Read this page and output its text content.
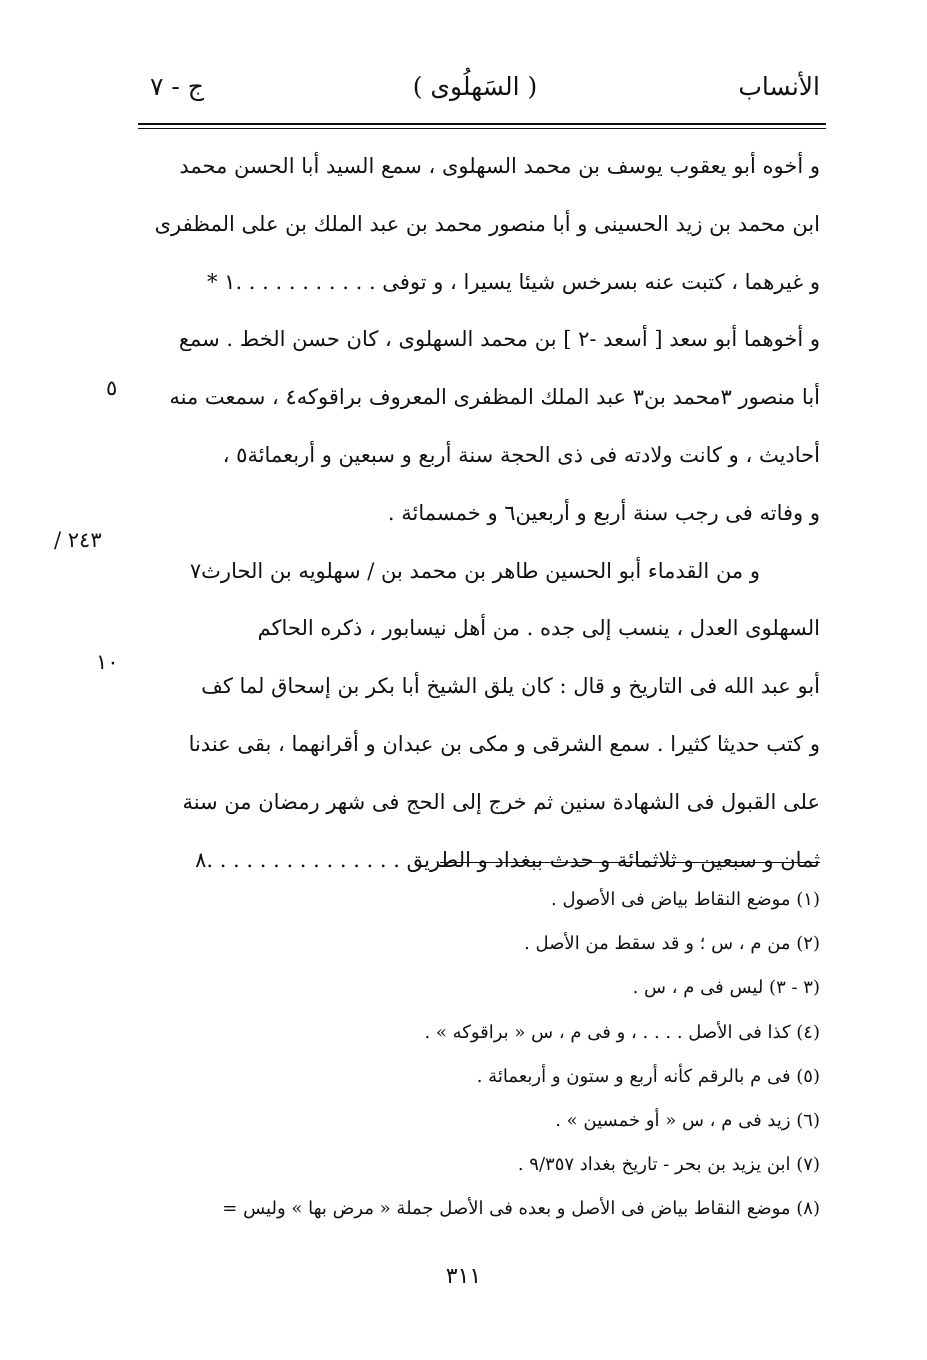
الأنساب
( السَهلُوى )
ج - ٧
و أخوه أبو يعقوب يوسف بن محمد السهلوى ، سمع السيد أبا الحسن محمد
ابن محمد بن زيد الحسينى و أبا منصور محمد بن عبد الملك بن على المظفرى
و غيرهما ، كتبت عنه بسرخس شيئا يسيرا ، و توفى . . . . . . . . . . .١ *
و أخوهما أبو سعد [ أسعد -٢ ] بن محمد السهلوى ، كان حسن الخط . سمع
أبا منصور ٣محمد بن٣ عبد الملك المظفرى المعروف براقوكه٤ ، سمعت منه
أحاديث ، و كانت ولادته فى ذى الحجة سنة أربع و سبعين و أربعمائة٥ ،
و وفاته فى رجب سنة أربع و أربعين٦ و خمسمائة .
و من القدماء أبو الحسين طاهر بن محمد بن / سهلويه بن الحارث٧
السهلوى العدل ، ينسب إلى جده . من أهل نيسابور ، ذكره الحاكم
أبو عبد الله فى التاريخ و قال : كان يلق الشيخ أبا بكر بن إسحاق لما كف
و كتب حديثا كثيرا . سمع الشرقى و مكى بن عبدان و أقرانهما ، بقى عندنا
على القبول فى الشهادة سنين ثم خرج إلى الحج فى شهر رمضان من سنة
ثمان و سبعين و ثلاثمائة و حدث ببغداد و الطريق . . . . . . . . . . . . . . .٨
٥
٢٤٣ /
١٠
(١) موضع النقاط بياض فى الأصول .
(٢) من م ، س ؛ و قد سقط من الأصل .
(٣ - ٣) ليس فى م ، س .
(٤) كذا فى الأصل . . . . ، و فى م ، س « براقوكه » .
(٥) فى م بالرقم كأنه أربع و ستون و أربعمائة .
(٦) زيد فى م ، س « أو خمسين » .
(٧) ابن يزيد بن بحر - تاريخ بغداد ٩/٣٥٧ .
(٨) موضع النقاط بياض فى الأصل و بعده فى الأصل جملة « مرض بها » وليس =
٣١١
